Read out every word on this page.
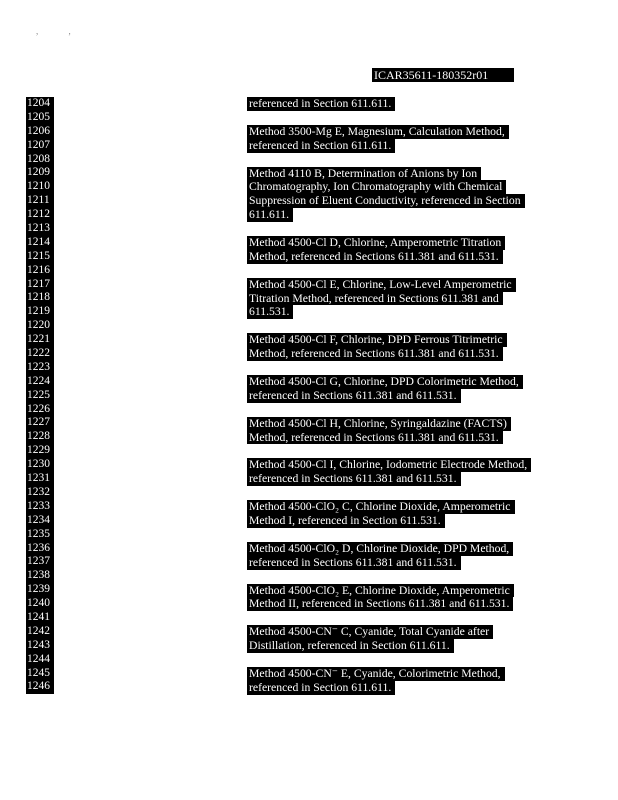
,	,
ICAR35611-180352r01
1204
1205
1206
1207
1208
1209
1210
1211
1212
1213
1214
1215
1216
1217
1218
1219
1220
1221
1222
1223
1224
1225
1226
1227
1228
1229
1230
1231
1232
1233
1234
1235
1236
1237
1238
1239
1240
1241
1242
1243
1244
1245
1246
referenced in Section 611.611.
Method 3500-Mg E, Magnesium, Calculation Method,
referenced in Section 611.611.
Method 4110 B, Determination of Anions by Ion
Chromatography, Ion Chromatography with Chemical
Suppression of Eluent Conductivity, referenced in Section
611.611.
Method 4500-Cl D, Chlorine, Amperometric Titration
Method, referenced in Sections 611.381 and 611.531.
Method 4500-Cl E, Chlorine, Low-Level Amperometric
Titration Method, referenced in Sections 611.381 and
611.531.
Method 4500-Cl F, Chlorine, DPD Ferrous Titrimetric
Method, referenced in Sections 611.381 and 611.531.
Method 4500-Cl G, Chlorine, DPD Colorimetric Method,
referenced in Sections 611.381 and 611.531.
Method 4500-Cl H, Chlorine, Syringaldazine (FACTS)
Method, referenced in Sections 611.381 and 611.531.
Method 4500-Cl I, Chlorine, Iodometric Electrode Method,
referenced in Sections 611.381 and 611.531.
Method 4500-ClO₂ C, Chlorine Dioxide, Amperometric
Method I, referenced in Section 611.531.
Method 4500-ClO₂ D, Chlorine Dioxide, DPD Method,
referenced in Sections 611.381 and 611.531.
Method 4500-ClO₂ E, Chlorine Dioxide, Amperometric
Method II, referenced in Sections 611.381 and 611.531.
Method 4500-CN⁻ C, Cyanide, Total Cyanide after
Distillation, referenced in Section 611.611.
Method 4500-CN⁻ E, Cyanide, Colorimetric Method,
referenced in Section 611.611.
